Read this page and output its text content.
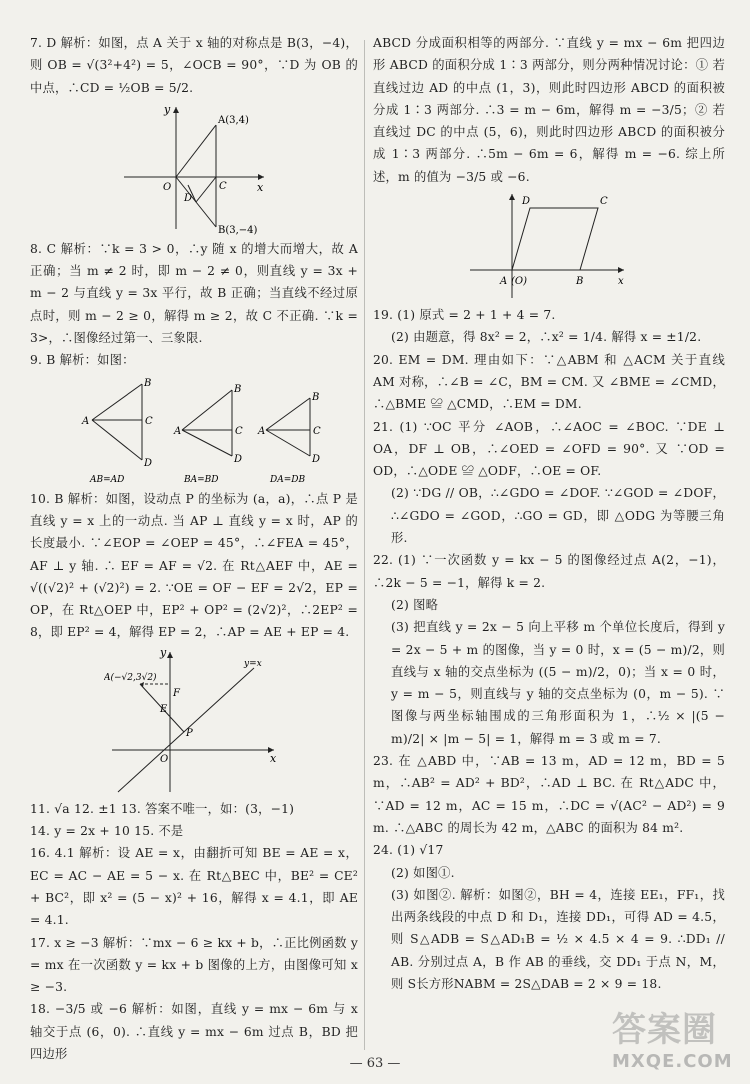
7. D 解析：如图，点 A 关于 x 轴的对称点是 B(3，−4)，则 OB = √(3²+4²) = 5，∠OCB = 90°，∵D 为 OB 的中点，∴CD = ½OB = 5/2.

y
x
A(3,4)
B(3,−4)
O	C
D

8. C 解析：∵k = 3 > 0，∴y 随 x 的增大而增大，故 A 正确；当 m ≠ 2 时，即 m − 2 ≠ 0，则直线 y = 3x + m − 2 与直线 y = 3x 平行，故 B 正确；当直线不经过原点时，则 m − 2 ≥ 0，解得 m ≥ 2，故 C 不正确. ∵k = 3>，∴图像经过第一、三象限.

9. B 解析：如图：

A
B
C
D
AB=AD
A
B
C
D
BA=BD
A
B
C
D
DA=DB

10. B 解析：如图，设动点 P 的坐标为 (a，a)，∴点 P 是直线 y = x 上的一动点. 当 AP ⊥ 直线 y = x 时，AP 的长度最小. ∵∠EOP = ∠OEP = 45°，∴∠FEA = 45°，AF ⊥ y 轴. ∴ EF = AF = √2. 在 Rt△AEF 中，AE = √((√2)² + (√2)²) = 2. ∵OE = OF − EF = 2√2，EP = OP，在 Rt△OEP 中，EP² + OP² = (2√2)²，∴2EP² = 8，即 EP² = 4，解得 EP = 2，∴AP = AE + EP = 4.

y
x
A(−√2,3√2)
F
E
P
O
y=x

11. √a 12. ±1 13. 答案不唯一，如：(3，−1)

14. y = 2x + 10 15. 不是

16. 4.1 解析：设 AE = x，由翻折可知 BE = AE = x，EC = AC − AE = 5 − x. 在 Rt△BEC 中，BE² = CE² + BC²，即 x² = (5 − x)² + 16，解得 x = 4.1，即 AE = 4.1.

17. x ≥ −3 解析：∵mx − 6 ≥ kx + b，∴正比例函数 y = mx 在一次函数 y = kx + b 图像的上方，由图像可知 x ≥ −3.

18. −3/5 或 −6 解析：如图，直线 y = mx − 6m 与 x 轴交于点 (6，0). ∴直线 y = mx − 6m 过点 B，BD 把四边形

ABCD 分成面积相等的两部分. ∵直线 y = mx − 6m 把四边形 ABCD 的面积分成 1∶3 两部分，则分两种情况讨论：① 若直线过边 AD 的中点 (1，3)，则此时四边形 ABCD 的面积被分成 1∶3 两部分. ∴3 = m − 6m，解得 m = −3/5；② 若直线过 DC 的中点 (5，6)，则此时四边形 ABCD 的面积被分成 1∶3 两部分. ∴5m − 6m = 6，解得 m = −6. 综上所述，m 的值为 −3/5 或 −6.

D	C
A (O)	B	x

19. (1) 原式 = 2 + 1 + 4 = 7.

(2) 由题意，得 8x² = 2，∴x² = 1/4. 解得 x = ±1/2.

20. EM = DM. 理由如下：∵△ABM 和 △ACM 关于直线 AM 对称，∴∠B = ∠C，BM = CM. 又 ∠BME = ∠CMD，∴△BME ≌ △CMD，∴EM = DM.

21. (1) ∵OC 平分 ∠AOB，∴∠AOC = ∠BOC. ∵DE ⊥ OA，DF ⊥ OB，∴∠OED = ∠OFD = 90°. 又 ∵OD = OD，∴△ODE ≌ △ODF，∴OE = OF.

(2) ∵DG // OB，∴∠GDO = ∠DOF. ∵∠GOD = ∠DOF，∴∠GDO = ∠GOD，∴GO = GD，即 △ODG 为等腰三角形.

22. (1) ∵一次函数 y = kx − 5 的图像经过点 A(2，−1)，∴2k − 5 = −1，解得 k = 2.

(2) 图略

(3) 把直线 y = 2x − 5 向上平移 m 个单位长度后，得到 y = 2x − 5 + m 的图像，当 y = 0 时，x = (5 − m)/2，则直线与 x 轴的交点坐标为 ((5 − m)/2，0)；当 x = 0 时，y = m − 5，则直线与 y 轴的交点坐标为 (0，m − 5). ∵图像与两坐标轴围成的三角形面积为 1，∴½ × |(5 − m)/2| × |m − 5| = 1，解得 m = 3 或 m = 7.

23. 在 △ABD 中，∵AB = 13 m，AD = 12 m，BD = 5 m，∴AB² = AD² + BD²，∴AD ⊥ BC. 在 Rt△ADC 中，∵AD = 12 m，AC = 15 m，∴DC = √(AC² − AD²) = 9 m. ∴△ABC 的周长为 42 m，△ABC 的面积为 84 m².

24. (1) √17

(2) 如图①.

(3) 如图②. 解析：如图②，BH = 4，连接 EE₁，FF₁，找出两条线段的中点 D 和 D₁，连接 DD₁，可得 AD = 4.5，则 S△ADB = S△AD₁B = ½ × 4.5 × 4 = 9. ∴DD₁ // AB. 分别过点 A，B 作 AB 的垂线，交 DD₁ 于点 N，M，则 S长方形NABM = 2S△DAB = 2 × 9 = 18.

— 63 —
答案圈
MXQE.COM
